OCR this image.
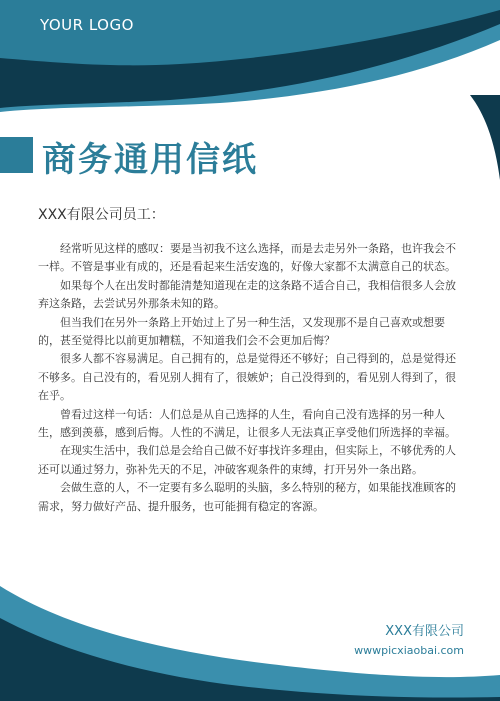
YOUR LOGO
商务通用信纸
XXX有限公司员工：

经常听见这样的感叹：要是当初我不这么选择，而是去走另外一条路，也许我会不一样。不管是事业有成的，还是看起来生活安逸的，好像大家都不太满意自己的状态。

如果每个人在出发时都能清楚知道现在走的这条路不适合自己，我相信很多人会放弃这条路，去尝试另外那条未知的路。

但当我们在另外一条路上开始过上了另一种生活，又发现那不是自己喜欢或想要的，甚至觉得比以前更加糟糕，不知道我们会不会更加后悔？

很多人都不容易满足。自己拥有的，总是觉得还不够好；自己得到的，总是觉得还不够多。自己没有的，看见别人拥有了，很嫉妒；自己没得到的，看见别人得到了，很在乎。

曾看过这样一句话：人们总是从自己选择的人生，看向自己没有选择的另一种人生，感到羡慕，感到后悔。人性的不满足，让很多人无法真正享受他们所选择的幸福。

在现实生活中，我们总是会给自己做不好事找许多理由，但实际上，不够优秀的人还可以通过努力，弥补先天的不足，冲破客观条件的束缚，打开另外一条出路。

会做生意的人，不一定要有多么聪明的头脑，多么特别的秘方，如果能找准顾客的需求，努力做好产品、提升服务，也可能拥有稳定的客源。

XXX有限公司
wwwpicxiaobai.com
